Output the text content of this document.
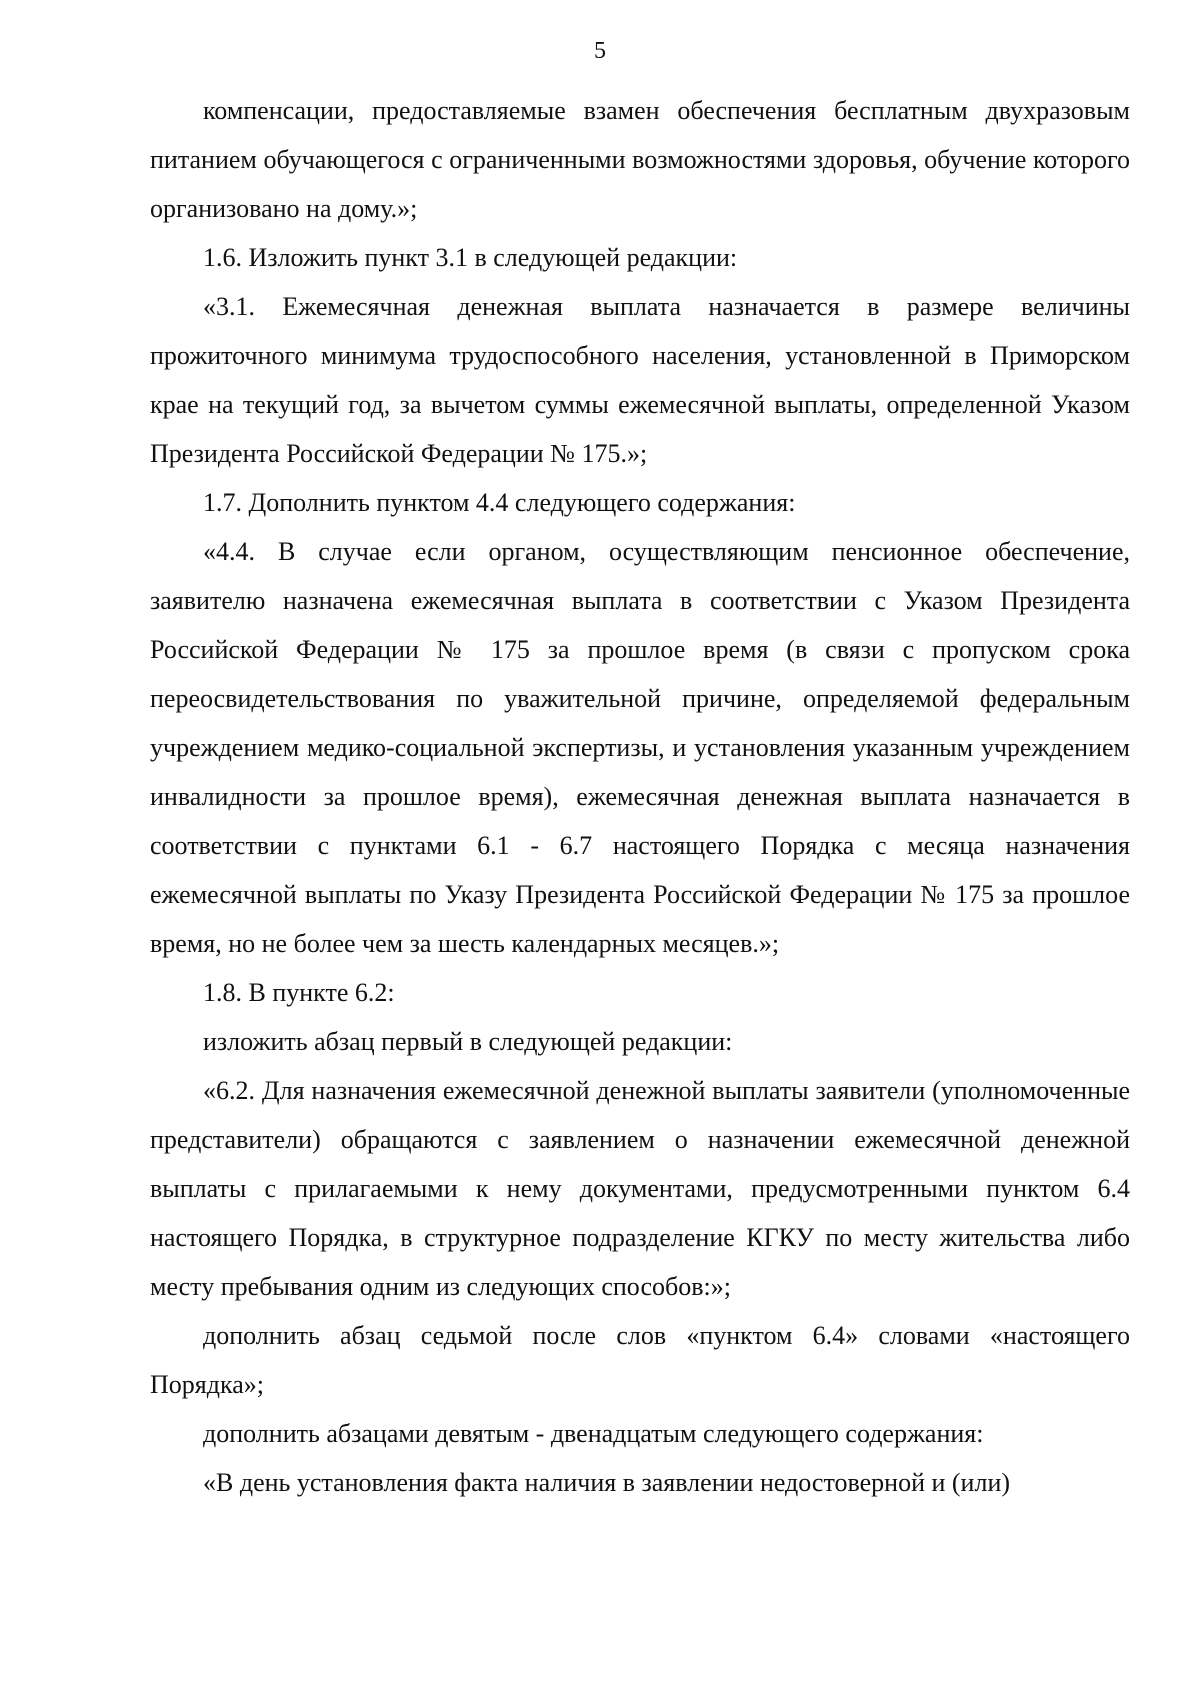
5

компенсации, предоставляемые взамен обеспечения бесплатным двухразовым питанием обучающегося с ограниченными возможностями здоровья, обучение которого организовано на дому.»;

1.6. Изложить пункт 3.1 в следующей редакции:

«3.1. Ежемесячная денежная выплата назначается в размере величины прожиточного минимума трудоспособного населения, установленной в Приморском крае на текущий год, за вычетом суммы ежемесячной выплаты, определенной Указом Президента Российской Федерации № 175.»;

1.7. Дополнить пунктом 4.4 следующего содержания:

«4.4. В случае если органом, осуществляющим пенсионное обеспечение, заявителю назначена ежемесячная выплата в соответствии с Указом Президента Российской Федерации № 175 за прошлое время (в связи с пропуском срока переосвидетельствования по уважительной причине, определяемой федеральным учреждением медико-социальной экспертизы, и установления указанным учреждением инвалидности за прошлое время), ежемесячная денежная выплата назначается в соответствии с пунктами 6.1 - 6.7 настоящего Порядка с месяца назначения ежемесячной выплаты по Указу Президента Российской Федерации № 175 за прошлое время, но не более чем за шесть календарных месяцев.»;

1.8. В пункте 6.2:

изложить абзац первый в следующей редакции:

«6.2. Для назначения ежемесячной денежной выплаты заявители (уполномоченные представители) обращаются с заявлением о назначении ежемесячной денежной выплаты с прилагаемыми к нему документами, предусмотренными пунктом 6.4 настоящего Порядка, в структурное подразделение КГКУ по месту жительства либо месту пребывания одним из следующих способов:»;

дополнить абзац седьмой после слов «пунктом 6.4» словами «настоящего Порядка»;

дополнить абзацами девятым - двенадцатым следующего содержания:

«В день установления факта наличия в заявлении недостоверной и (или)
